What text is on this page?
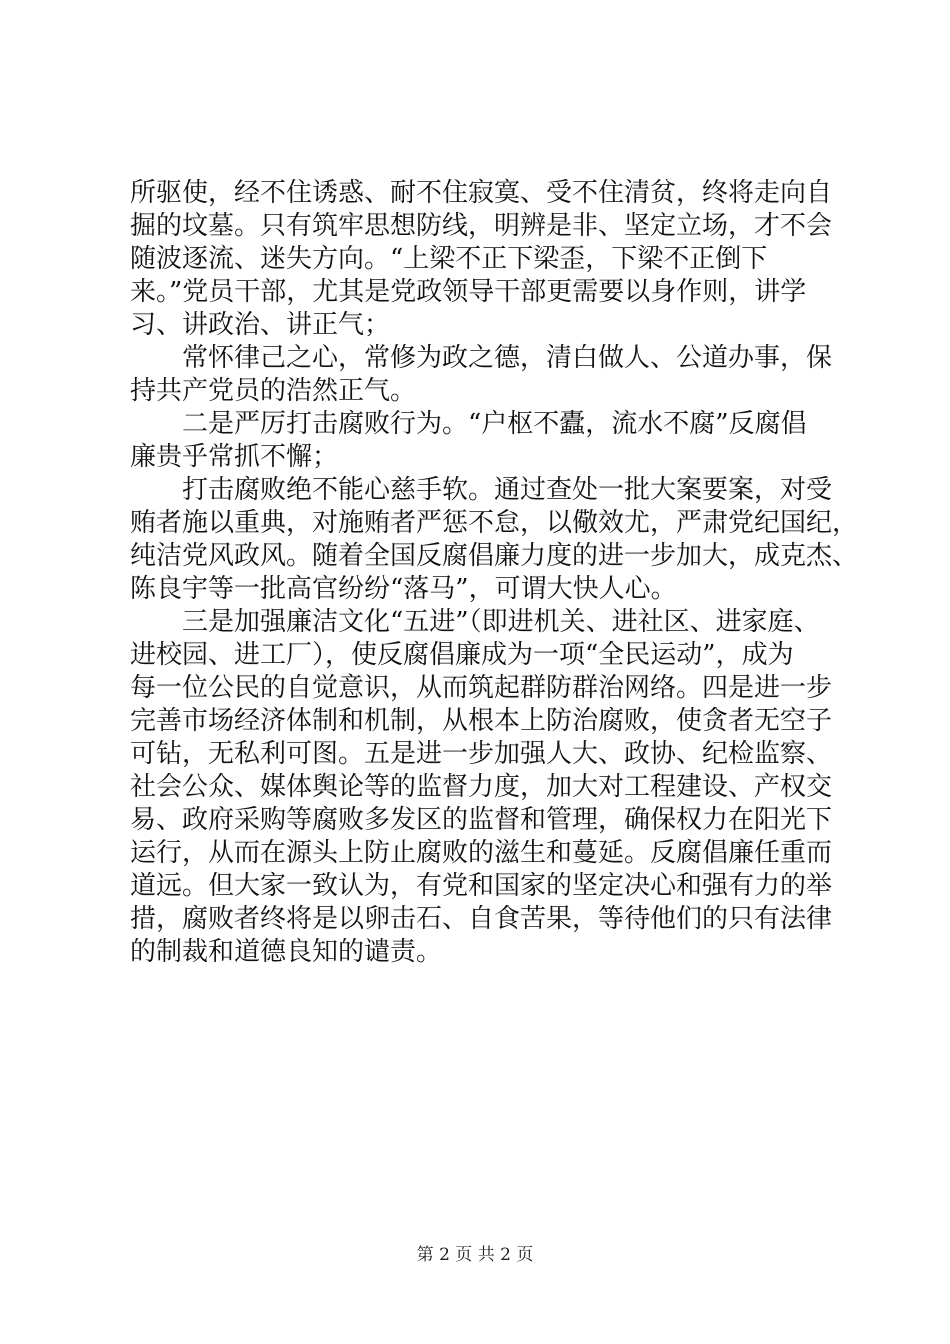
所驱使，经不住诱惑、耐不住寂寞、受不住清贫，终将走向自
掘的坟墓。只有筑牢思想防线，明辨是非、坚定立场，才不会
随波逐流、迷失方向。“上梁不正下梁歪，下梁不正倒下
来。”党员干部，尤其是党政领导干部更需要以身作则，讲学
习、讲政治、讲正气；
　　常怀律己之心，常修为政之德，清白做人、公道办事，保
持共产党员的浩然正气。
　　二是严厉打击腐败行为。“户枢不蠹，流水不腐”反腐倡
廉贵乎常抓不懈；
　　打击腐败绝不能心慈手软。通过查处一批大案要案，对受
贿者施以重典，对施贿者严惩不怠，以儆效尤，严肃党纪国纪，
纯洁党风政风。随着全国反腐倡廉力度的进一步加大，成克杰、
陈良宇等一批高官纷纷“落马”，可谓大快人心。
　　三是加强廉洁文化“五进”（即进机关、进社区、进家庭、
进校园、进工厂），使反腐倡廉成为一项“全民运动”，成为
每一位公民的自觉意识，从而筑起群防群治网络。四是进一步
完善市场经济体制和机制，从根本上防治腐败，使贪者无空子
可钻，无私利可图。五是进一步加强人大、政协、纪检监察、
社会公众、媒体舆论等的监督力度，加大对工程建设、产权交
易、政府采购等腐败多发区的监督和管理，确保权力在阳光下
运行，从而在源头上防止腐败的滋生和蔓延。反腐倡廉任重而
道远。但大家一致认为，有党和国家的坚定决心和强有力的举
措，腐败者终将是以卵击石、自食苦果，等待他们的只有法律
的制裁和道德良知的谴责。
第 2 页 共 2 页
